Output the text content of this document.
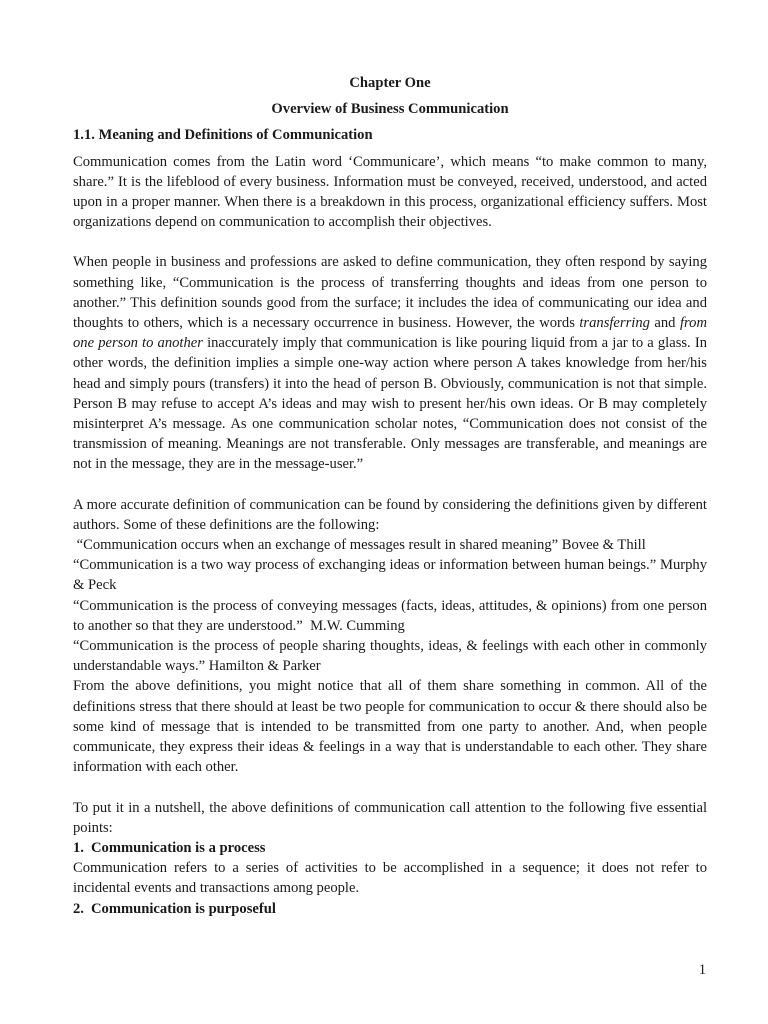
Chapter One
Overview of Business Communication
1.1. Meaning and Definitions of Communication

Communication comes from the Latin word ‘Communicare’, which means “to make common to many, share.” It is the lifeblood of every business. Information must be conveyed, received, understood, and acted upon in a proper manner. When there is a breakdown in this process, organizational efficiency suffers. Most organizations depend on communication to accomplish their objectives.

When people in business and professions are asked to define communication, they often respond by saying something like, “Communication is the process of transferring thoughts and ideas from one person to another.” This definition sounds good from the surface; it includes the idea of communicating our idea and thoughts to others, which is a necessary occurrence in business. However, the words transferring and from one person to another inaccurately imply that communication is like pouring liquid from a jar to a glass. In other words, the definition implies a simple one-way action where person A takes knowledge from her/his head and simply pours (transfers) it into the head of person B. Obviously, communication is not that simple. Person B may refuse to accept A’s ideas and may wish to present her/his own ideas. Or B may completely misinterpret A’s message. As one communication scholar notes, “Communication does not consist of the transmission of meaning. Meanings are not transferable. Only messages are transferable, and meanings are not in the message, they are in the message-user.”

A more accurate definition of communication can be found by considering the definitions given by different authors. Some of these definitions are the following:

“Communication occurs when an exchange of messages result in shared meaning” Bovee & Thill

“Communication is a two way process of exchanging ideas or information between human beings.” Murphy & Peck

“Communication is the process of conveying messages (facts, ideas, attitudes, & opinions) from one person to another so that they are understood.”  M.W. Cumming

“Communication is the process of people sharing thoughts, ideas, & feelings with each other in commonly understandable ways.” Hamilton & Parker

From the above definitions, you might notice that all of them share something in common. All of the definitions stress that there should at least be two people for communication to occur & there should also be some kind of message that is intended to be transmitted from one party to another. And, when people communicate, they express their ideas & feelings in a way that is understandable to each other. They share information with each other.

To put it in a nutshell, the above definitions of communication call attention to the following five essential points:

1. Communication is a process

Communication refers to a series of activities to be accomplished in a sequence; it does not refer to incidental events and transactions among people.

2. Communication is purposeful
1
